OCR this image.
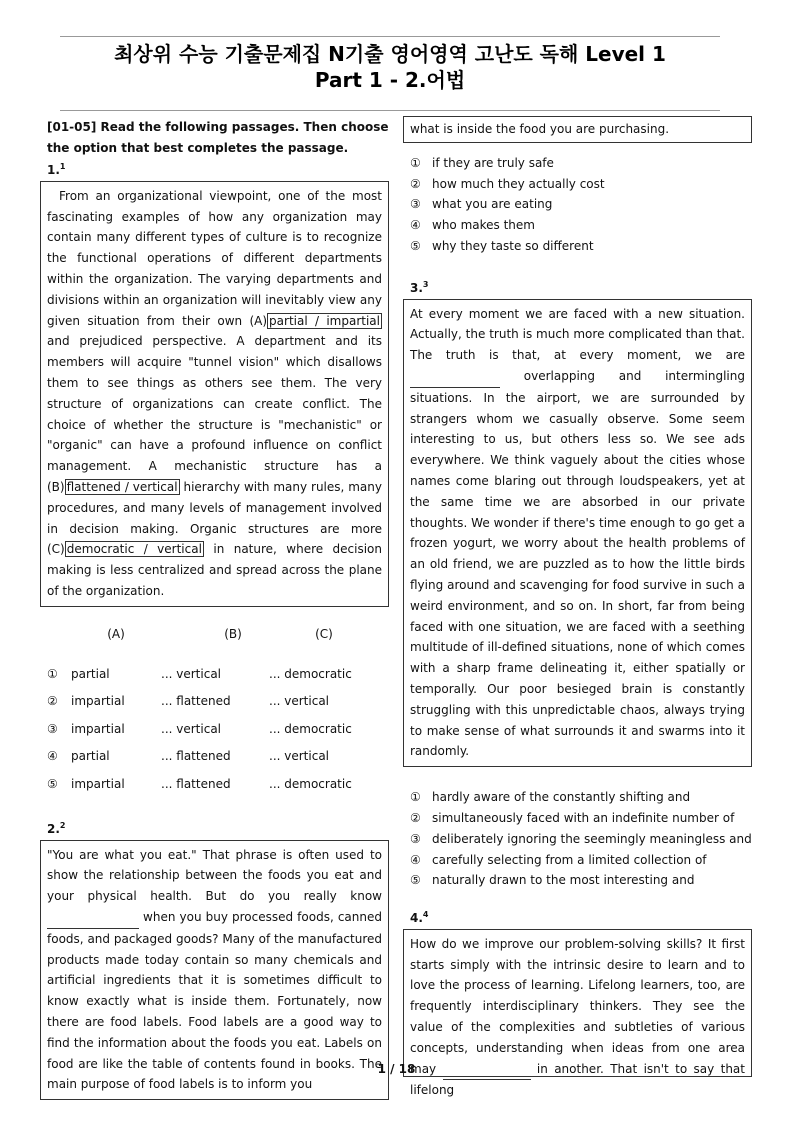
최상위 수능 기출문제집 N기출 영어영역 고난도 독해 Level 1
Part 1 - 2.어법
[01-05] Read the following passages. Then choose the option that best completes the passage.
1.$^1$
From an organizational viewpoint, one of the most fascinating examples of how any organization may contain many different types of culture is to recognize the functional operations of different departments within the organization. The varying departments and divisions within an organization will inevitably view any given situation from their own (A) partial / impartial and prejudiced perspective. A department and its members will acquire "tunnel vision" which disallows them to see things as others see them. The very structure of organizations can create conflict. The choice of whether the structure is "mechanistic" or "organic" can have a profound influence on conflict management. A mechanistic structure has a (B) flattened / vertical hierarchy with many rules, many procedures, and many levels of management involved in decision making. Organic structures are more (C) democratic / vertical in nature, where decision making is less centralized and spread across the plane of the organization.
(A)	(B)	(C)
①	partial	... vertical	... democratic
②	impartial	... flattened	... vertical
③	impartial	... vertical	... democratic
④	partial	... flattened	... vertical
⑤	impartial	... flattened	... democratic
2.$^2$
"You are what you eat." That phrase is often used to show the relationship between the foods you eat and your physical health. But do you really know  when you buy processed foods, canned foods, and packaged goods? Many of the manufactured products made today contain so many chemicals and artificial ingredients that it is sometimes difficult to know exactly what is inside them. Fortunately, now there are food labels. Food labels are a good way to find the information about the foods you eat. Labels on food are like the table of contents found in books. The main purpose of food labels is to inform you
what is inside the food you are purchasing.
① if they are truly safe
② how much they actually cost
③ what you are eating
④ who makes them
⑤ why they taste so different
3.$^3$
At every moment we are faced with a new situation. Actually, the truth is much more complicated than that. The truth is that, at every moment, we are  overlapping and intermingling situations. In the airport, we are surrounded by strangers whom we casually observe. Some seem interesting to us, but others less so. We see ads everywhere. We think vaguely about the cities whose names come blaring out through loudspeakers, yet at the same time we are absorbed in our private thoughts. We wonder if there's time enough to go get a frozen yogurt, we worry about the health problems of an old friend, we are puzzled as to how the little birds flying around and scavenging for food survive in such a weird environment, and so on. In short, far from being faced with one situation, we are faced with a seething multitude of ill-defined situations, none of which comes with a sharp frame delineating it, either spatially or temporally. Our poor besieged brain is constantly struggling with this unpredictable chaos, always trying to make sense of what surrounds it and swarms into it randomly.
① hardly aware of the constantly shifting and
② simultaneously faced with an indefinite number of
③ deliberately ignoring the seemingly meaningless and
④ carefully selecting from a limited collection of
⑤ naturally drawn to the most interesting and
4.$^4$
How do we improve our problem-solving skills? It first starts simply with the intrinsic desire to learn and to love the process of learning. Lifelong learners, too, are frequently interdisciplinary thinkers. They see the value of the complexities and subtleties of various concepts, understanding when ideas from one area may	in another. That isn't to say that lifelong
1 / 18
